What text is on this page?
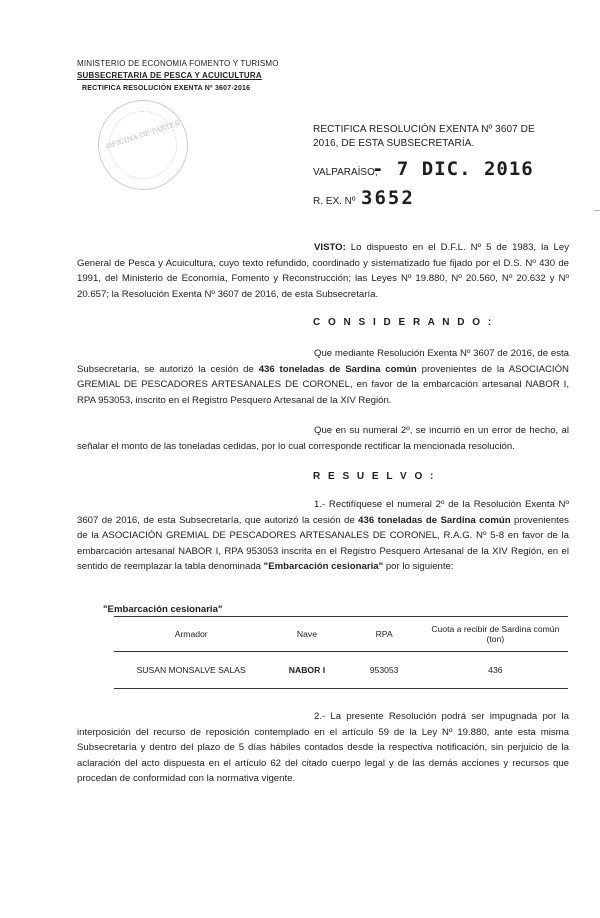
MINISTERIO DE ECONOMIA FOMENTO Y TURISMO
SUBSECRETARIA DE PESCA Y ACUICULTURA
RECTIFICA RESOLUCIÓN EXENTA Nº 3607-2016
OFICINA DE PARTES	RECTIFICA RESOLUCIÓN EXENTA Nº 3607 DE 2016, DE ESTA SUBSECRETARÍA.
VALPARAÍSO,
- 7 DIC. 2016
R. EX. Nº 3652
VISTO: Lo dispuesto en el D.F.L. Nº 5 de 1983, la Ley General de Pesca y Acuicultura, cuyo texto refundido, coordinado y sistematizado fue fijado por el D.S. Nº 430 de 1991, del Ministerio de Economía, Fomento y Reconstrucción; las Leyes Nº 19.880, Nº 20.560, Nº 20.632 y Nº 20.657; la Resolución Exenta Nº 3607 de 2016, de esta Subsecretaría.
C O N S I D E R A N D O :
Que mediante Resolución Exenta Nº 3607 de 2016, de esta Subsecretaría, se autorizó la cesión de 436 toneladas de Sardina común provenientes de la ASOCIACIÓN GREMIAL DE PESCADORES ARTESANALES DE CORONEL, en favor de la embarcación artesanal NABOR I, RPA 953053, inscrito en el Registro Pesquero Artesanal de la XIV Región.
Que en su numeral 2º, se incurrió en un error de hecho, al señalar el monto de las toneladas cedidas, por lo cual corresponde rectificar la mencionada resolución.
R E S U E L V O :
1.- Rectifíquese el numeral 2º de la Resolución Exenta Nº 3607 de 2016, de esta Subsecretaría, que autorizó la cesión de 436 toneladas de Sardina común provenientes de la ASOCIACIÓN GREMIAL DE PESCADORES ARTESANALES DE CORONEL, R.A.G. Nº 5-8 en favor de la embarcación artesanal NABOR I, RPA 953053 inscrita en el Registro Pesquero Artesanal de la XIV Región, en el sentido de reemplazar la tabla denominada "Embarcación cesionaria" por lo siguiente:
"Embarcación cesionaria"
Armador	Nave	RPA	Cuota a recibir de Sardina común (ton)
SUSAN MONSALVE SALAS	NABOR I	953053	436
2.- La presente Resolución podrá ser impugnada por la interposición del recurso de reposición contemplado en el artículo 59 de la Ley Nº 19.880, ante esta misma Subsecretaría y dentro del plazo de 5 días hábiles contados desde la respectiva notificación, sin perjuicio de la aclaración del acto dispuesta en el artículo 62 del citado cuerpo legal y de las demás acciones y recursos que procedan de conformidad con la normativa vigente.
